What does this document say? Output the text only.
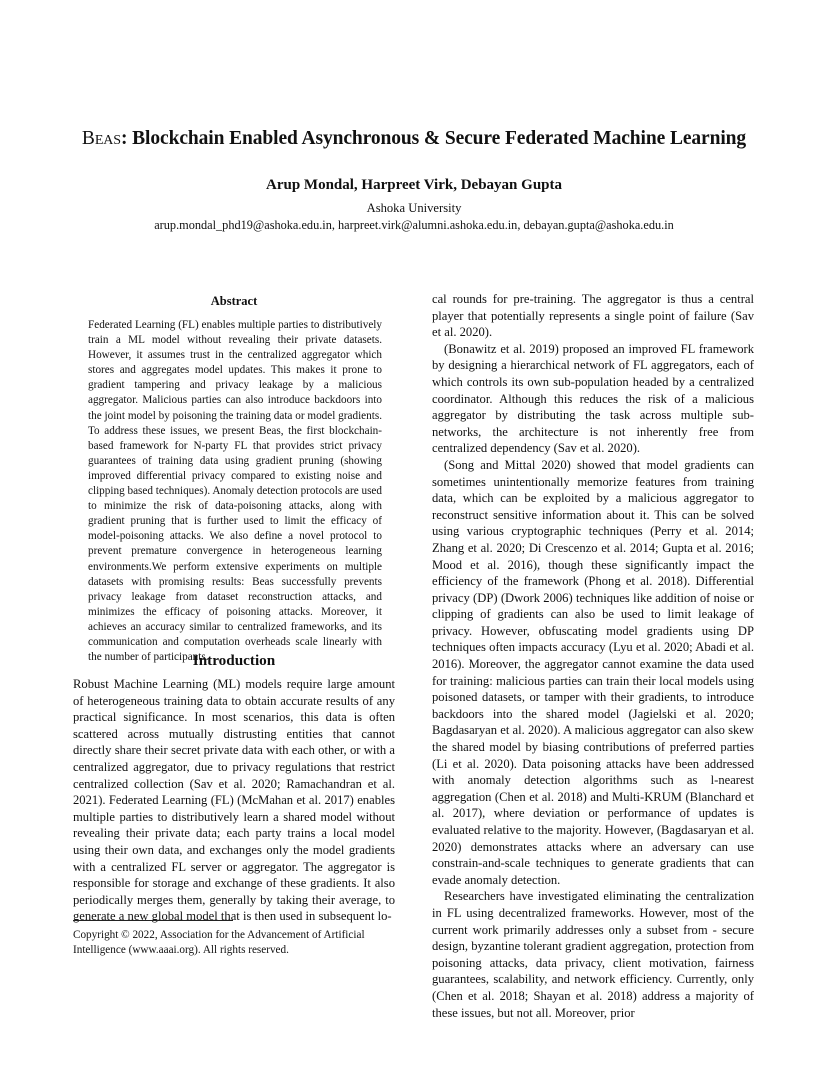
Beas: Blockchain Enabled Asynchronous & Secure Federated Machine Learning
Arup Mondal, Harpreet Virk, Debayan Gupta
Ashoka University
arup.mondal_phd19@ashoka.edu.in, harpreet.virk@alumni.ashoka.edu.in, debayan.gupta@ashoka.edu.in
Abstract

Federated Learning (FL) enables multiple parties to distributively train a ML model without revealing their private datasets. However, it assumes trust in the centralized aggregator which stores and aggregates model updates. This makes it prone to gradient tampering and privacy leakage by a malicious aggregator. Malicious parties can also introduce backdoors into the joint model by poisoning the training data or model gradients. To address these issues, we present Beas, the first blockchain-based framework for N-party FL that provides strict privacy guarantees of training data using gradient pruning (showing improved differential privacy compared to existing noise and clipping based techniques). Anomaly detection protocols are used to minimize the risk of data-poisoning attacks, along with gradient pruning that is further used to limit the efficacy of model-poisoning attacks. We also define a novel protocol to prevent premature convergence in heterogeneous learning environments.We perform extensive experiments on multiple datasets with promising results: Beas successfully prevents privacy leakage from dataset reconstruction attacks, and minimizes the efficacy of poisoning attacks. Moreover, it achieves an accuracy similar to centralized frameworks, and its communication and computation overheads scale linearly with the number of participants.

Introduction

Robust Machine Learning (ML) models require large amount of heterogeneous training data to obtain accurate results of any practical significance. In most scenarios, this data is often scattered across mutually distrusting entities that cannot directly share their secret private data with each other, or with a centralized aggregator, due to privacy regulations that restrict centralized collection (Sav et al. 2020; Ramachandran et al. 2021). Federated Learning (FL) (McMahan et al. 2017) enables multiple parties to distributively learn a shared model without revealing their private data; each party trains a local model using their own data, and exchanges only the model gradients with a centralized FL server or aggregator. The aggregator is responsible for storage and exchange of these gradients. It also periodically merges them, generally by taking their average, to generate a new global model that is then used in subsequent lo-

Copyright © 2022, Association for the Advancement of Artificial Intelligence (www.aaai.org). All rights reserved.

cal rounds for pre-training. The aggregator is thus a central player that potentially represents a single point of failure (Sav et al. 2020).

(Bonawitz et al. 2019) proposed an improved FL framework by designing a hierarchical network of FL aggregators, each of which controls its own sub-population headed by a centralized coordinator. Although this reduces the risk of a malicious aggregator by distributing the task across multiple sub-networks, the architecture is not inherently free from centralized dependency (Sav et al. 2020).

(Song and Mittal 2020) showed that model gradients can sometimes unintentionally memorize features from training data, which can be exploited by a malicious aggregator to reconstruct sensitive information about it. This can be solved using various cryptographic techniques (Perry et al. 2014; Zhang et al. 2020; Di Crescenzo et al. 2014; Gupta et al. 2016; Mood et al. 2016), though these significantly impact the efficiency of the framework (Phong et al. 2018). Differential privacy (DP) (Dwork 2006) techniques like addition of noise or clipping of gradients can also be used to limit leakage of privacy. However, obfuscating model gradients using DP techniques often impacts accuracy (Lyu et al. 2020; Abadi et al. 2016). Moreover, the aggregator cannot examine the data used for training: malicious parties can train their local models using poisoned datasets, or tamper with their gradients, to introduce backdoors into the shared model (Jagielski et al. 2020; Bagdasaryan et al. 2020). A malicious aggregator can also skew the shared model by biasing contributions of preferred parties (Li et al. 2020). Data poisoning attacks have been addressed with anomaly detection algorithms such as l-nearest aggregation (Chen et al. 2018) and Multi-KRUM (Blanchard et al. 2017), where deviation or performance of updates is evaluated relative to the majority. However, (Bagdasaryan et al. 2020) demonstrates attacks where an adversary can use constrain-and-scale techniques to generate gradients that can evade anomaly detection.

Researchers have investigated eliminating the centralization in FL using decentralized frameworks. However, most of the current work primarily addresses only a subset from - secure design, byzantine tolerant gradient aggregation, protection from poisoning attacks, data privacy, client motivation, fairness guarantees, scalability, and network efficiency. Currently, only (Chen et al. 2018; Shayan et al. 2018) address a majority of these issues, but not all. Moreover, prior
